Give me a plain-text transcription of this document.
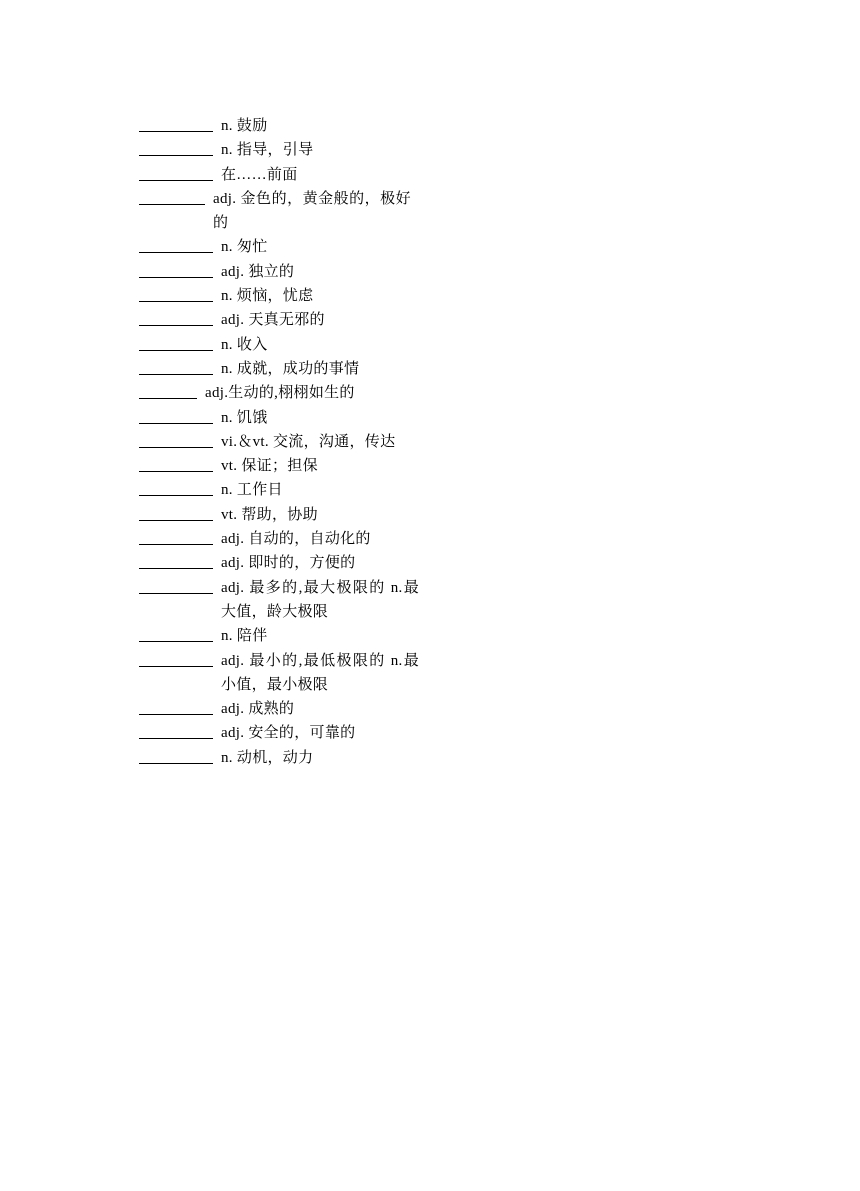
n. 鼓励
n. 指导，引导
在……前面
adj. 金色的，黄金般的，极好的
n. 匆忙
adj. 独立的
n. 烦恼，忧虑
adj. 天真无邪的
n. 收入
n. 成就，成功的事情
adj.生动的,栩栩如生的
n. 饥饿
vi.＆vt. 交流，沟通，传达
vt. 保证；担保
n. 工作日
vt. 帮助，协助
adj. 自动的，自动化的
adj. 即时的，方便的
adj. 最多的,最大极限的 n.最大值，龄大极限
n. 陪伴
adj. 最小的,最低极限的 n.最小值，最小极限
adj. 成熟的
adj. 安全的，可靠的
n. 动机，动力
